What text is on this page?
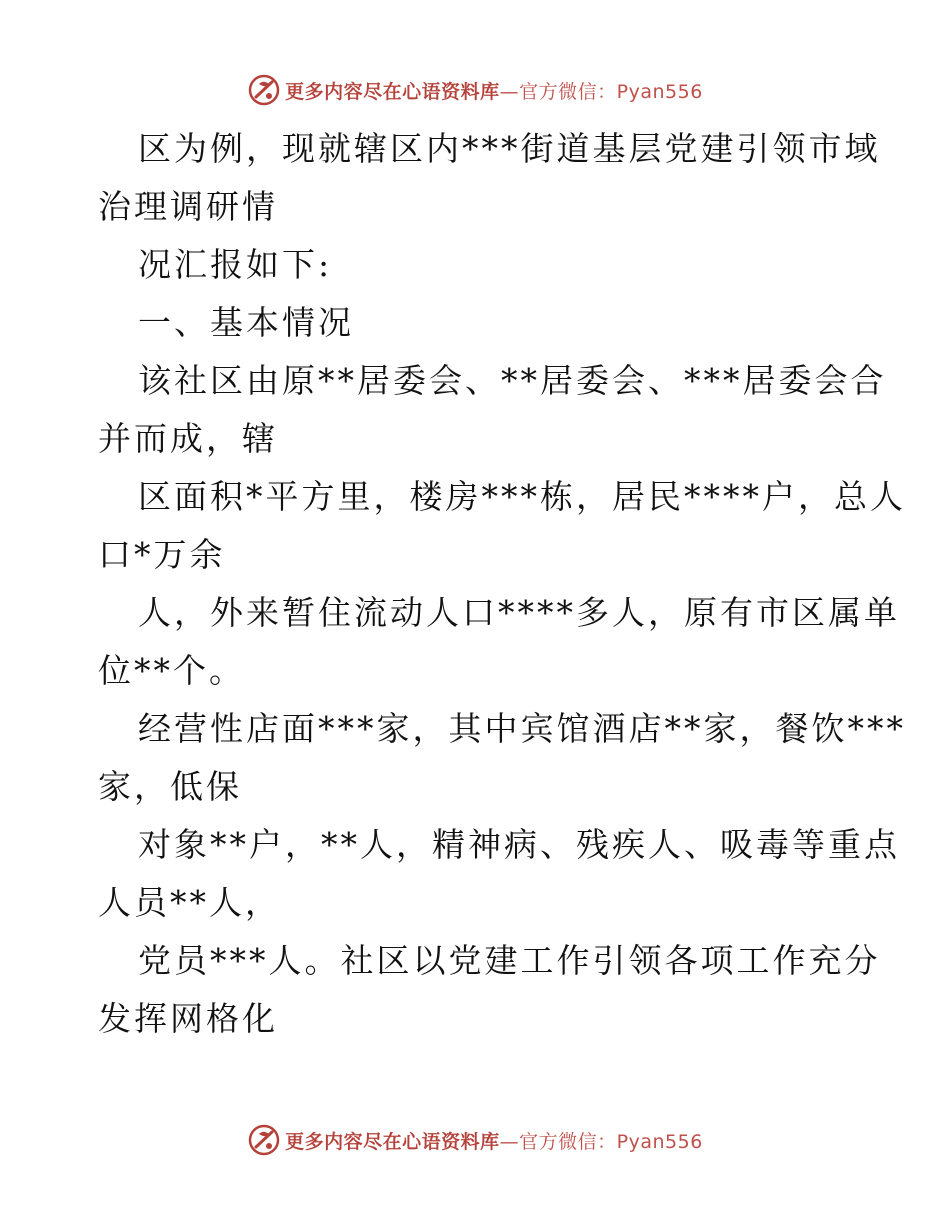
更多内容尽在心语资料库 —官方微信：Pyan556
区为例，现就辖区内***街道基层党建引领市域
治理调研情
况汇报如下:
一、基本情况
该社区由原**居委会、**居委会、***居委会合
并而成，辖
区面积*平方里，楼房***栋，居民****户，总人
口*万余
人，外来暂住流动人口****多人，原有市区属单
位**个。
经营性店面***家，其中宾馆酒店**家，餐饮***
家，低保
对象**户，**人，精神病、残疾人、吸毒等重点
人员**人，
党员***人。社区以党建工作引领各项工作充分
发挥网格化
更多内容尽在心语资料库 —官方微信：Pyan556
